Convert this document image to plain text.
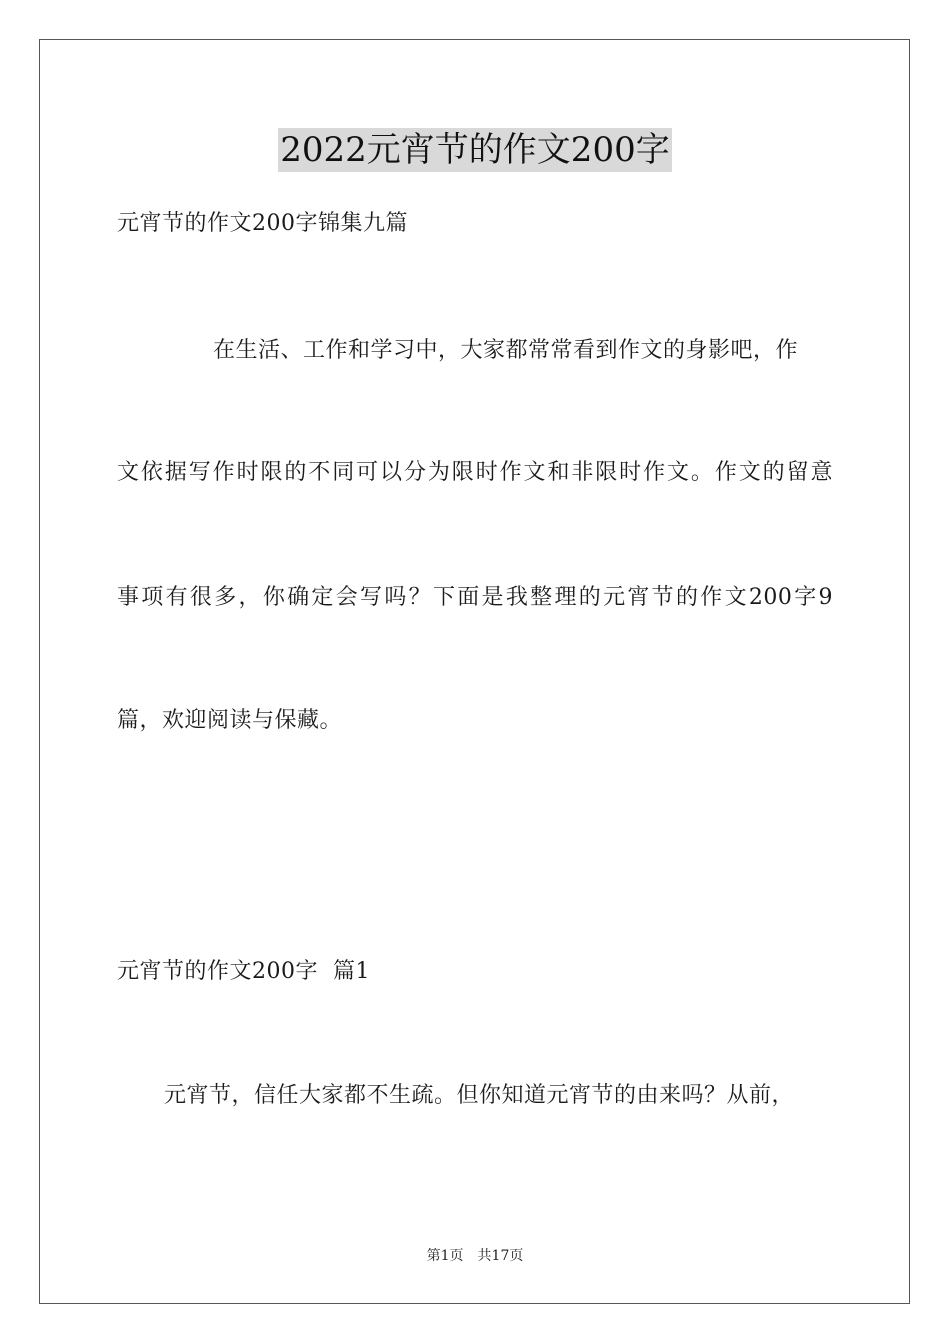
2022元宵节的作文200字
元宵节的作文200字锦集九篇
在生活、工作和学习中，大家都常常看到作文的身影吧，作
文依据写作时限的不同可以分为限时作文和非限时作文。作文的留意
事项有很多，你确定会写吗？下面是我整理的元宵节的作文200字9
篇，欢迎阅读与保藏。
元宵节的作文200字  篇1
元宵节，信任大家都不生疏。但你知道元宵节的由来吗？从前，
第1页 共17页
